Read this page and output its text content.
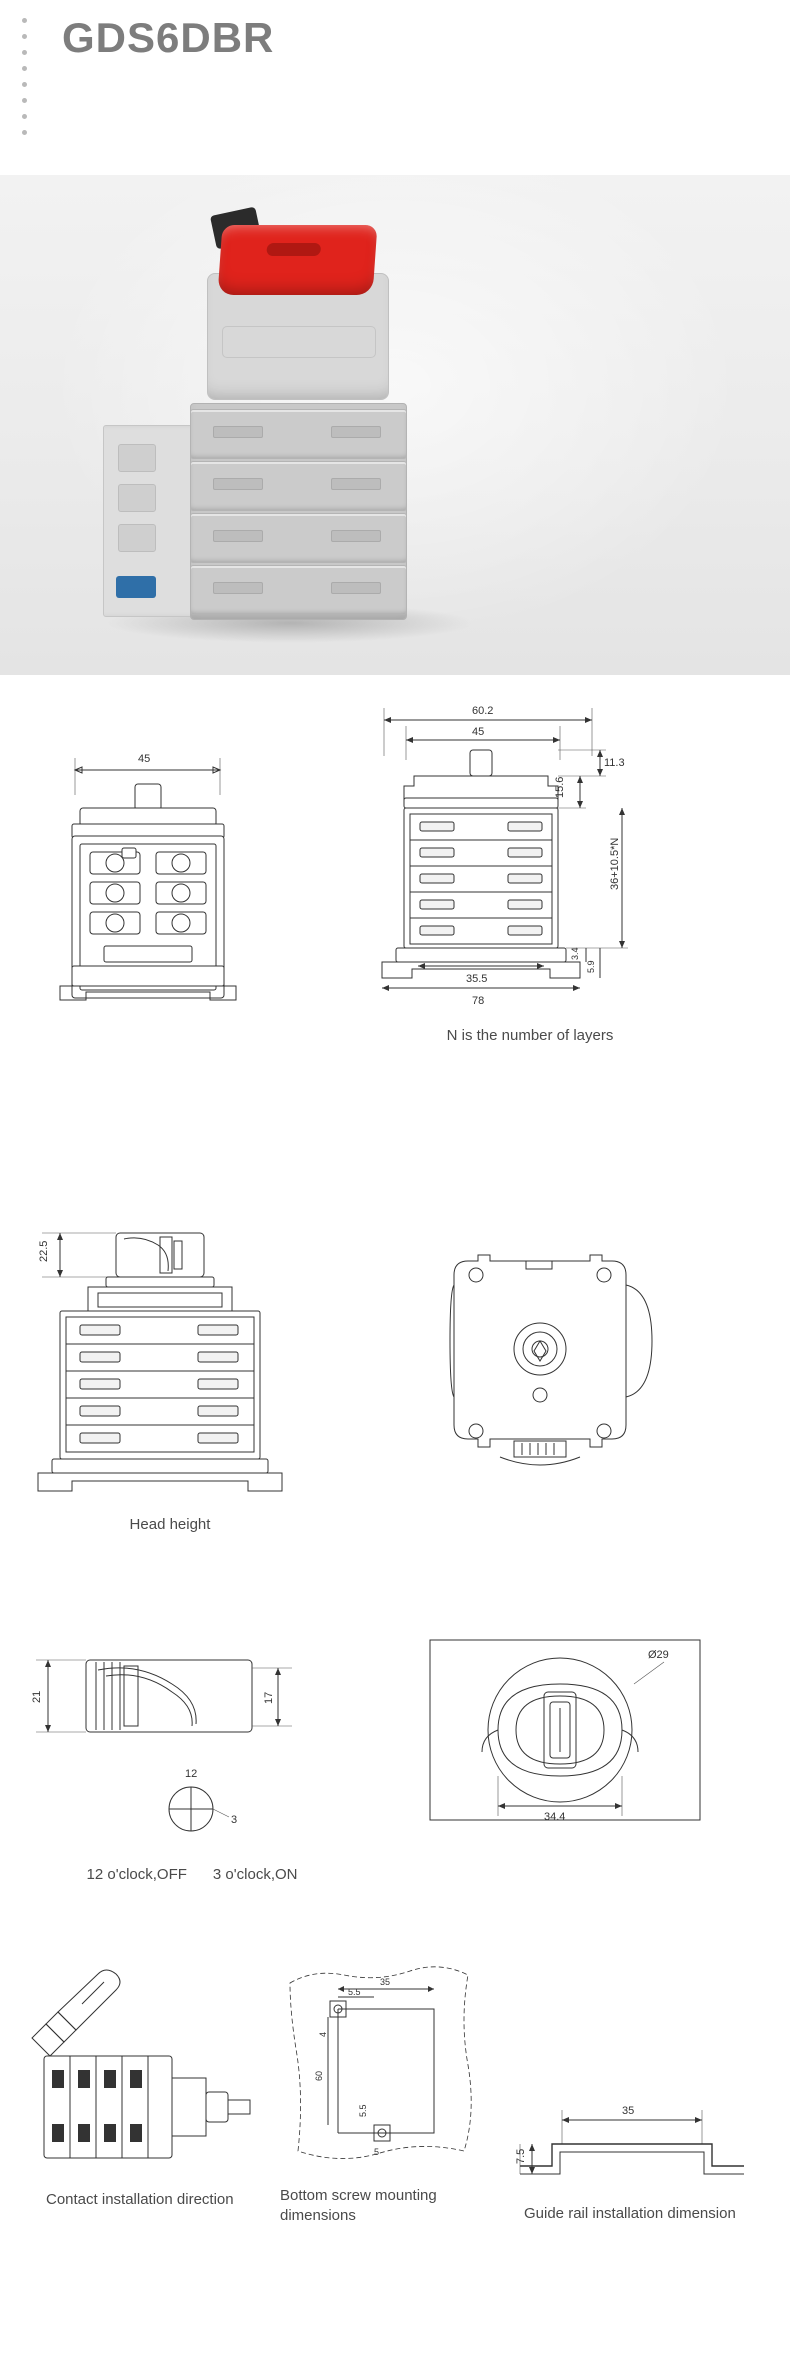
GDS6DBR
45
60.2
45
11.3
15.6
36+10.5*N
3.4
5.9
35.5
78
N is the number of layers
22.5
Head height
21	17
12
3
12 o'clock,OFF 3 o'clock,ON
Ø29
34.4
Contact installation direction
35
5.5
4
60
5.5
5
Bottom screw mounting dimensions
35
7.5
Guide rail installation dimension
